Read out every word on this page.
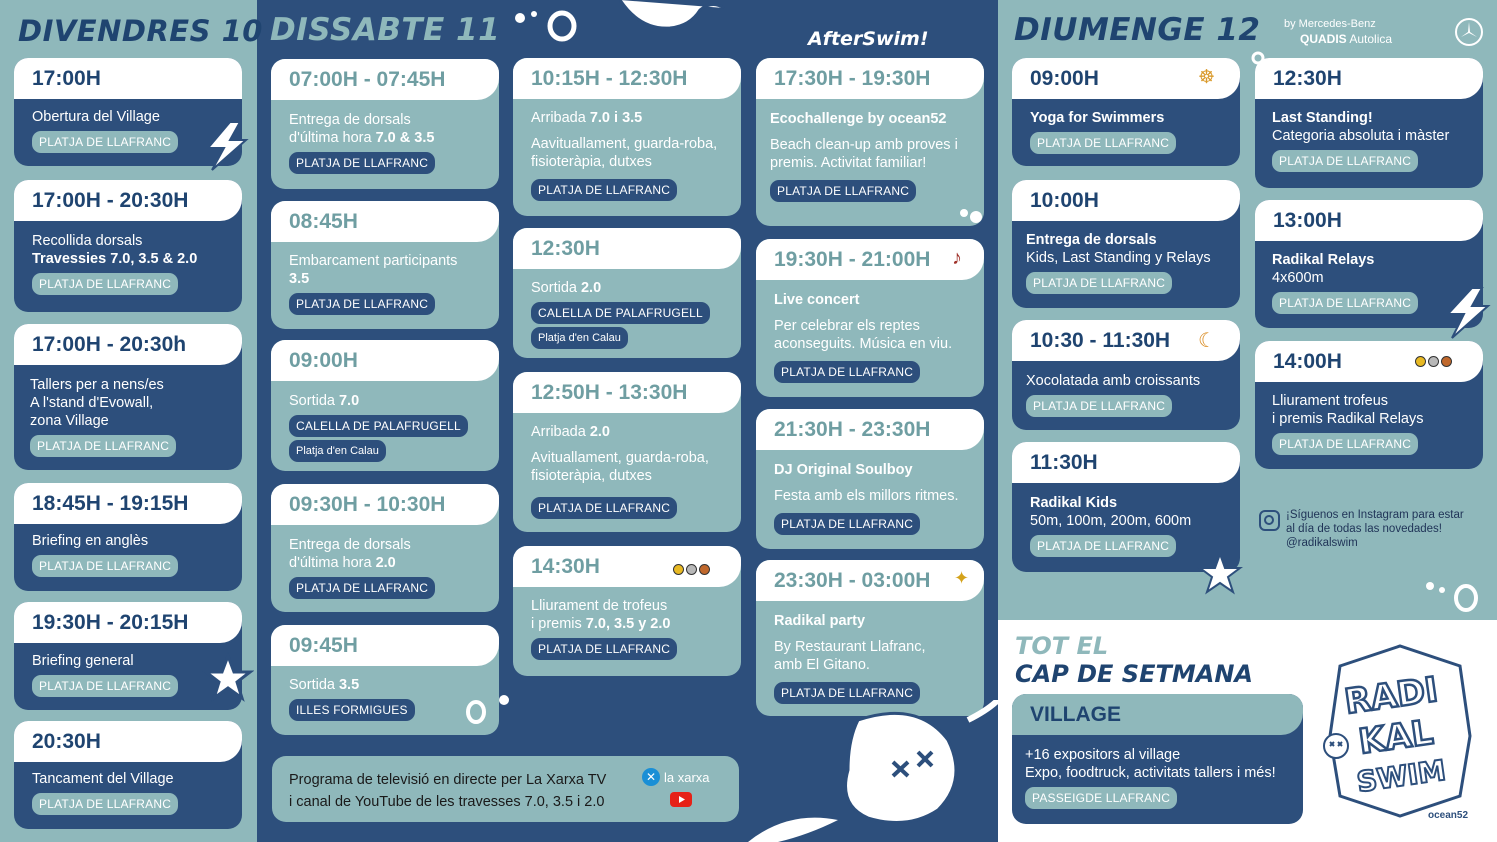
DIVENDRES 10 DISSABTE 11	DIUMENGE 12
AfterSwim!
by Mercedes-Benz
QUADIS Autolica
17:00H
Obertura del Village
PLATJA DE LLAFRANC
17:00H - 20:30H
Recollida dorsals
Travessies 7.0, 3.5 & 2.0
PLATJA DE LLAFRANC
17:00H - 20:30h
Tallers per a nens/es
A l'stand d'Evowall,
zona Village
PLATJA DE LLAFRANC
18:45H - 19:15H
Briefing en anglès
PLATJA DE LLAFRANC
19:30H - 20:15H
Briefing general
PLATJA DE LLAFRANC
20:30H
Tancament del Village
PLATJA DE LLAFRANC
07:00H - 07:45H
Entrega de dorsals
d'última hora 7.0 & 3.5
PLATJA DE LLAFRANC
08:45H
Embarcament participants
3.5
PLATJA DE LLAFRANC
09:00H
Sortida 7.0
CALELLA DE PALAFRUGELL
Platja d'en Calau
09:30H - 10:30H
Entrega de dorsals
d'última hora 2.0
PLATJA DE LLAFRANC
09:45H
Sortida 3.5
ILLES FORMIGUES
10:15H - 12:30H
Arribada 7.0 i 3.5
Aavituallament, guarda-roba,
fisioteràpia, dutxes
PLATJA DE LLAFRANC
12:30H
Sortida 2.0
CALELLA DE PALAFRUGELL
Platja d'en Calau
12:50H - 13:30H
Arribada 2.0
Avituallament, guarda-roba,
fisioteràpia, dutxes
PLATJA DE LLAFRANC
14:30H
Lliurament de trofeus
i premis 7.0, 3.5 y 2.0
PLATJA DE LLAFRANC
17:30H - 19:30H
Ecochallenge by ocean52
Beach clean-up amb proves i
premis. Activitat familiar!
PLATJA DE LLAFRANC
19:30H - 21:00H	♪
Live concert
Per celebrar els reptes
aconseguits. Música en viu.
PLATJA DE LLAFRANC
21:30H - 23:30H
DJ Original Soulboy
Festa amb els millors ritmes.
PLATJA DE LLAFRANC
23:30H - 03:00H	✦
Radikal party
By Restaurant Llafranc,
amb El Gitano.
PLATJA DE LLAFRANC
Programa de televisió en directe per La Xarxa TV
i canal de YouTube de les travesses 7.0, 3.5 i 2.0
✕ la xarxa
09:00H	☸
Yoga for Swimmers
PLATJA DE LLAFRANC
10:00H
Entrega de dorsals
Kids, Last Standing y Relays
PLATJA DE LLAFRANC
10:30 - 11:30H	☾
Xocolatada amb croissants
PLATJA DE LLAFRANC
11:30H
Radikal Kids
50m, 100m, 200m, 600m
PLATJA DE LLAFRANC
12:30H
Last Standing!
Categoria absoluta i màster
PLATJA DE LLAFRANC
13:00H
Radikal Relays
4x600m
PLATJA DE LLAFRANC
14:00H
Lliurament trofeus
i premis Radikal Relays
PLATJA DE LLAFRANC
¡Síguenos en Instagram para estar
al día de todas las novedades!
@radikalswim
TOT EL
CAP DE SETMANA
VILLAGE
+16 expositors al village
Expo, foodtruck, activitats tallers i més!
PASSEIGDE LLAFRANC
RADI
KAL
SWIM
ocean52
